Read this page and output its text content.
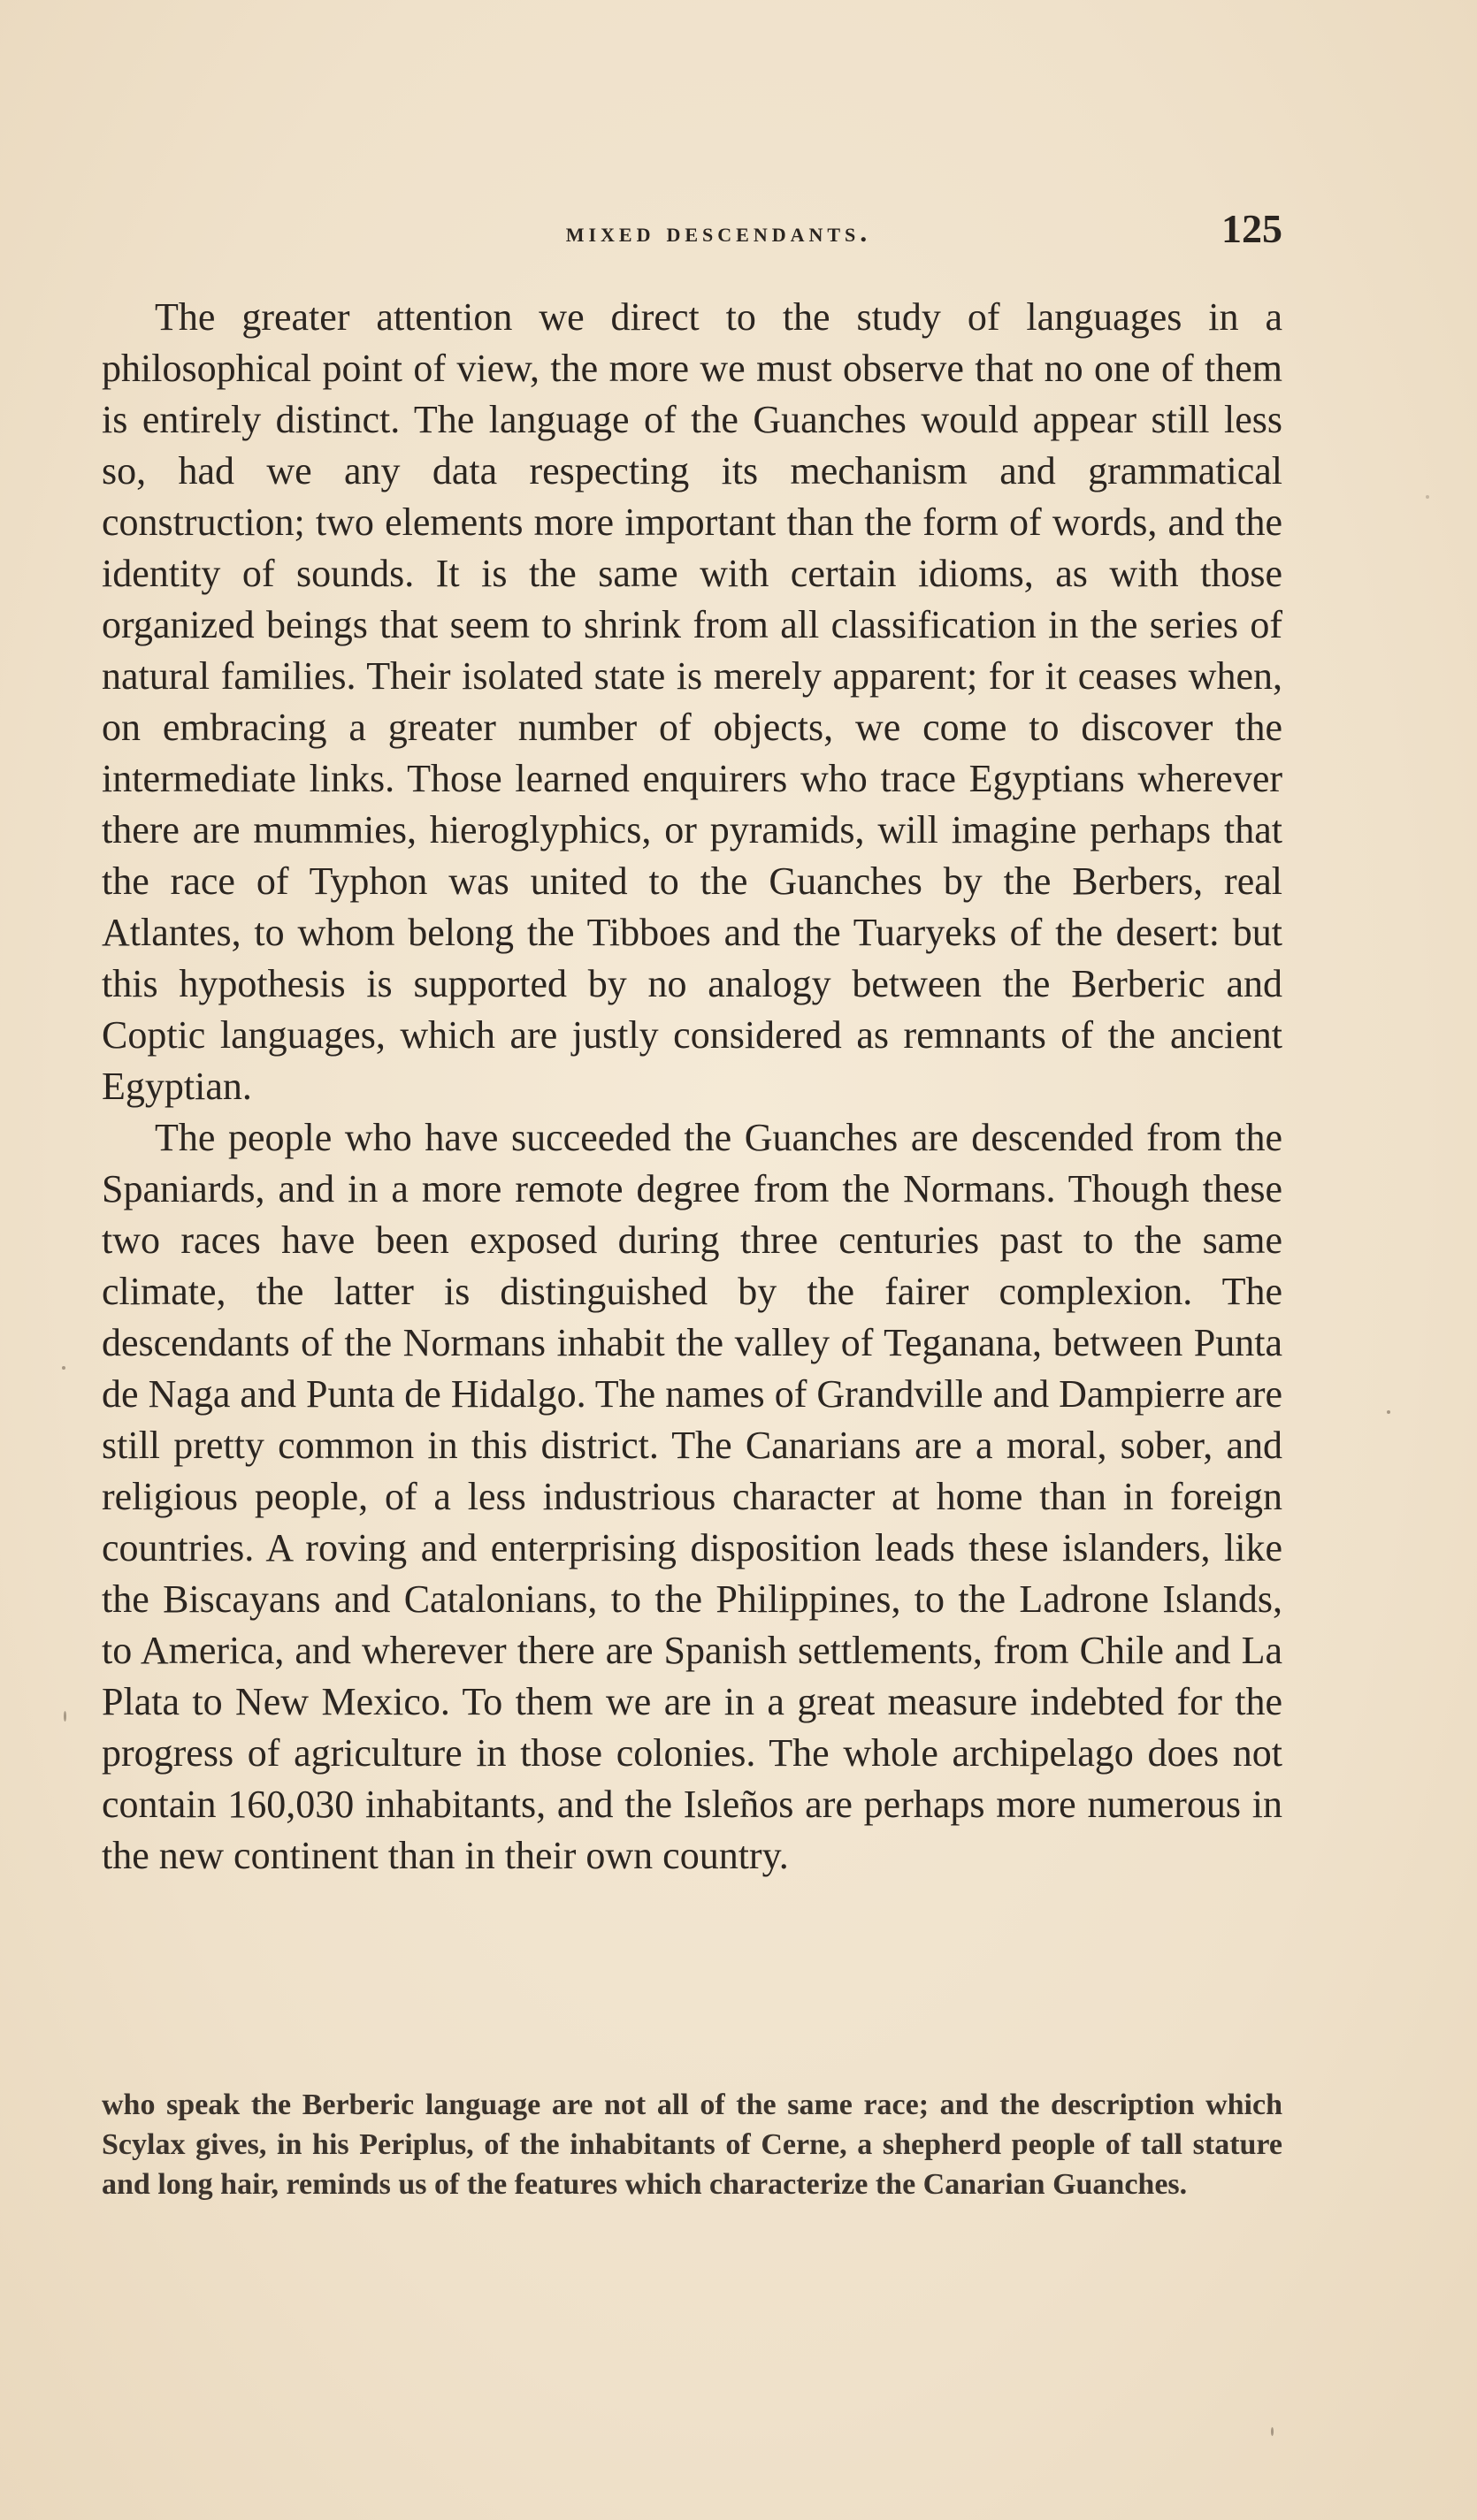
mixed descendants.	125

The greater attention we direct to the study of languages in a philosophical point of view, the more we must observe that no one of them is entirely distinct. The language of the Guanches would appear still less so, had we any data respecting its mechanism and grammatical construction; two elements more important than the form of words, and the identity of sounds. It is the same with certain idioms, as with those organized beings that seem to shrink from all classification in the series of natural families. Their isolated state is merely apparent; for it ceases when, on embracing a greater number of objects, we come to discover the intermediate links. Those learned enquirers who trace Egyptians wherever there are mummies, hieroglyphics, or pyramids, will imagine perhaps that the race of Typhon was united to the Guanches by the Berbers, real Atlantes, to whom belong the Tibboes and the Tuaryeks of the desert: but this hypothesis is supported by no analogy between the Berberic and Coptic languages, which are justly considered as remnants of the ancient Egyptian.

The people who have succeeded the Guanches are descended from the Spaniards, and in a more remote degree from the Normans. Though these two races have been exposed during three centuries past to the same climate, the latter is distinguished by the fairer complexion. The descendants of the Normans inhabit the valley of Teganana, between Punta de Naga and Punta de Hidalgo. The names of Grandville and Dampierre are still pretty common in this district. The Canarians are a moral, sober, and religious people, of a less industrious character at home than in foreign countries. A roving and enterprising disposition leads these islanders, like the Biscayans and Catalonians, to the Philippines, to the Ladrone Islands, to America, and wherever there are Spanish settlements, from Chile and La Plata to New Mexico. To them we are in a great measure indebted for the progress of agriculture in those colonies. The whole archipelago does not contain 160,030 inhabitants, and the Isleños are perhaps more numerous in the new continent than in their own country.

who speak the Berberic language are not all of the same race; and the description which Scylax gives, in his Periplus, of the inhabitants of Cerne, a shepherd people of tall stature and long hair, reminds us of the features which characterize the Canarian Guanches.
